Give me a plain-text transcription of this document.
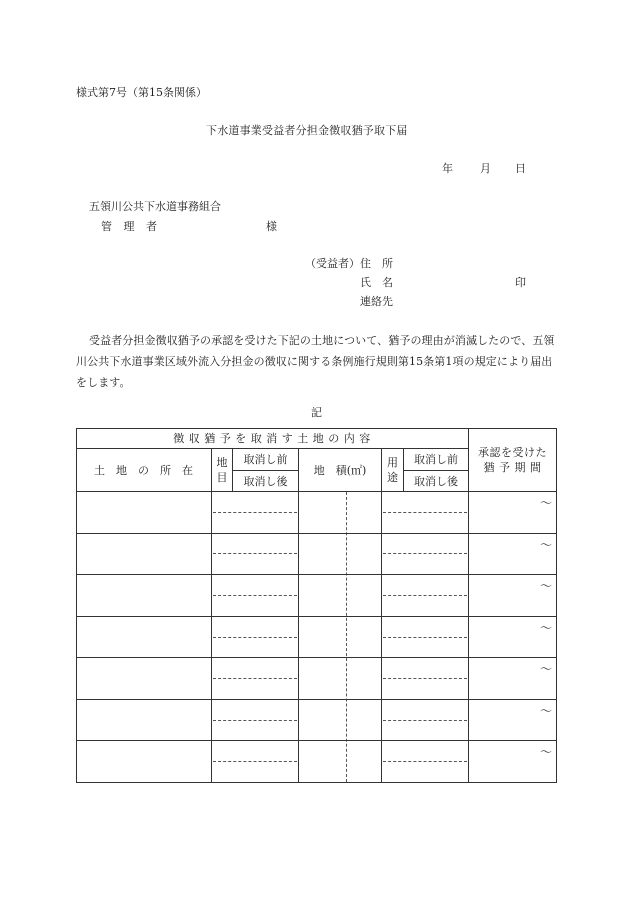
様式第7号（第15条関係）
下水道事業受益者分担金徴収猶予取下届
年 月 日
五領川公共下水道事務組合
管 理 者	様
（受益者） 住　所
氏　名	印
連絡先
受益者分担金徴収猶予の承認を受けた下記の土地について、猶予の理由が消滅したので、五領川公共下水道事業区域外流入分担金の徴収に関する条例施行規則第15条第1項の規定により届出をします。
記
徴 収 猶 予 を 取 消 す 土 地 の 内 容
土　地　の　所　在
地目
取消し前
取消し後
地　積(㎡)
用途
取消し前
取消し後
承認を受けた猶 予 期 間
～
～
～
～
～
～
～
